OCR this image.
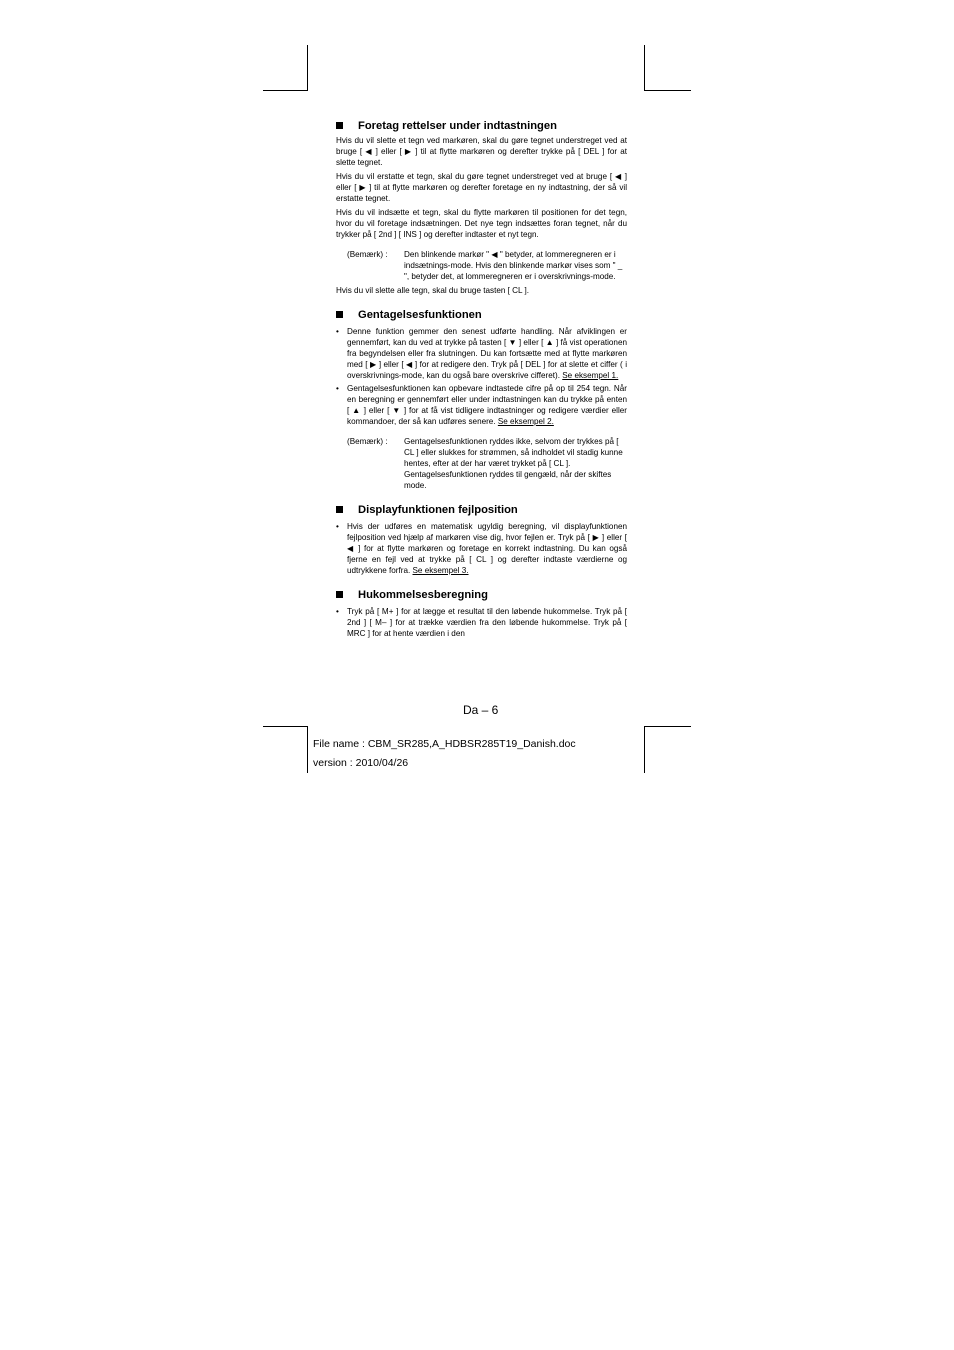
Foretag rettelser under indtastningen

Hvis du vil slette et tegn ved markøren, skal du gøre tegnet understreget ved at bruge [ ◀ ] eller [ ▶ ] til at flytte markøren og derefter trykke på [ DEL ] for at slette tegnet.

Hvis du vil erstatte et tegn, skal du gøre tegnet understreget ved at bruge [ ◀ ] eller [ ▶ ] til at flytte markøren og derefter foretage en ny indtastning, der så vil erstatte tegnet.

Hvis du vil indsætte et tegn, skal du flytte markøren til positionen for det tegn, hvor du vil foretage indsætningen. Det nye tegn indsættes foran tegnet, når du trykker på [ 2nd ] [ INS ] og derefter indtaster et nyt tegn.

(Bemærk) :	Den blinkende markør " ◀ " betyder, at lommeregneren er i indsætnings-mode. Hvis den blinkende markør vises som " _ ", betyder det, at lommeregneren er i overskrivnings-mode.

Hvis du vil slette alle tegn, skal du bruge tasten [ CL ].

Gentagelsesfunktionen

• Denne funktion gemmer den senest udførte handling. Når afviklingen er gennemført, kan du ved at trykke på tasten [ ▼ ] eller [ ▲ ] få vist operationen fra begyndelsen eller fra slutningen. Du kan fortsætte med at flytte markøren med [ ▶ ] eller [ ◀ ] for at redigere den. Tryk på [ DEL ] for at slette et ciffer ( i overskrivnings-mode, kan du også bare overskrive cifferet). Se eksempel 1.
• Gentagelsesfunktionen kan opbevare indtastede cifre på op til 254 tegn. Når en beregning er gennemført eller under indtastningen kan du trykke på enten [ ▲ ] eller [ ▼ ] for at få vist tidligere indtastninger og redigere værdier eller kommandoer, der så kan udføres senere. Se eksempel 2.
(Bemærk) :	Gentagelsesfunktionen ryddes ikke, selvom der trykkes på [ CL ] eller slukkes for strømmen, så indholdet vil stadig kunne hentes, efter at der har været trykket på [ CL ]. Gentagelsesfunktionen ryddes til gengæld, når der skiftes mode.

Displayfunktionen fejlposition

• Hvis der udføres en matematisk ugyldig beregning, vil displayfunktionen fejlposition ved hjælp af markøren vise dig, hvor fejlen er. Tryk på [ ▶ ] eller [ ◀ ] for at flytte markøren og foretage en korrekt indtastning. Du kan også fjerne en fejl ved at trykke på [ CL ] og derefter indtaste værdierne og udtrykkene forfra. Se eksempel 3.

Hukommelsesberegning

• Tryk på [ M+ ] for at lægge et resultat til den løbende hukommelse. Tryk på [ 2nd ] [ M– ] for at trække værdien fra den løbende hukommelse. Tryk på [ MRC ] for at hente værdien i den
Da – 6
File name : CBM_SR285,A_HDBSR285T19_Danish.doc
version : 2010/04/26
